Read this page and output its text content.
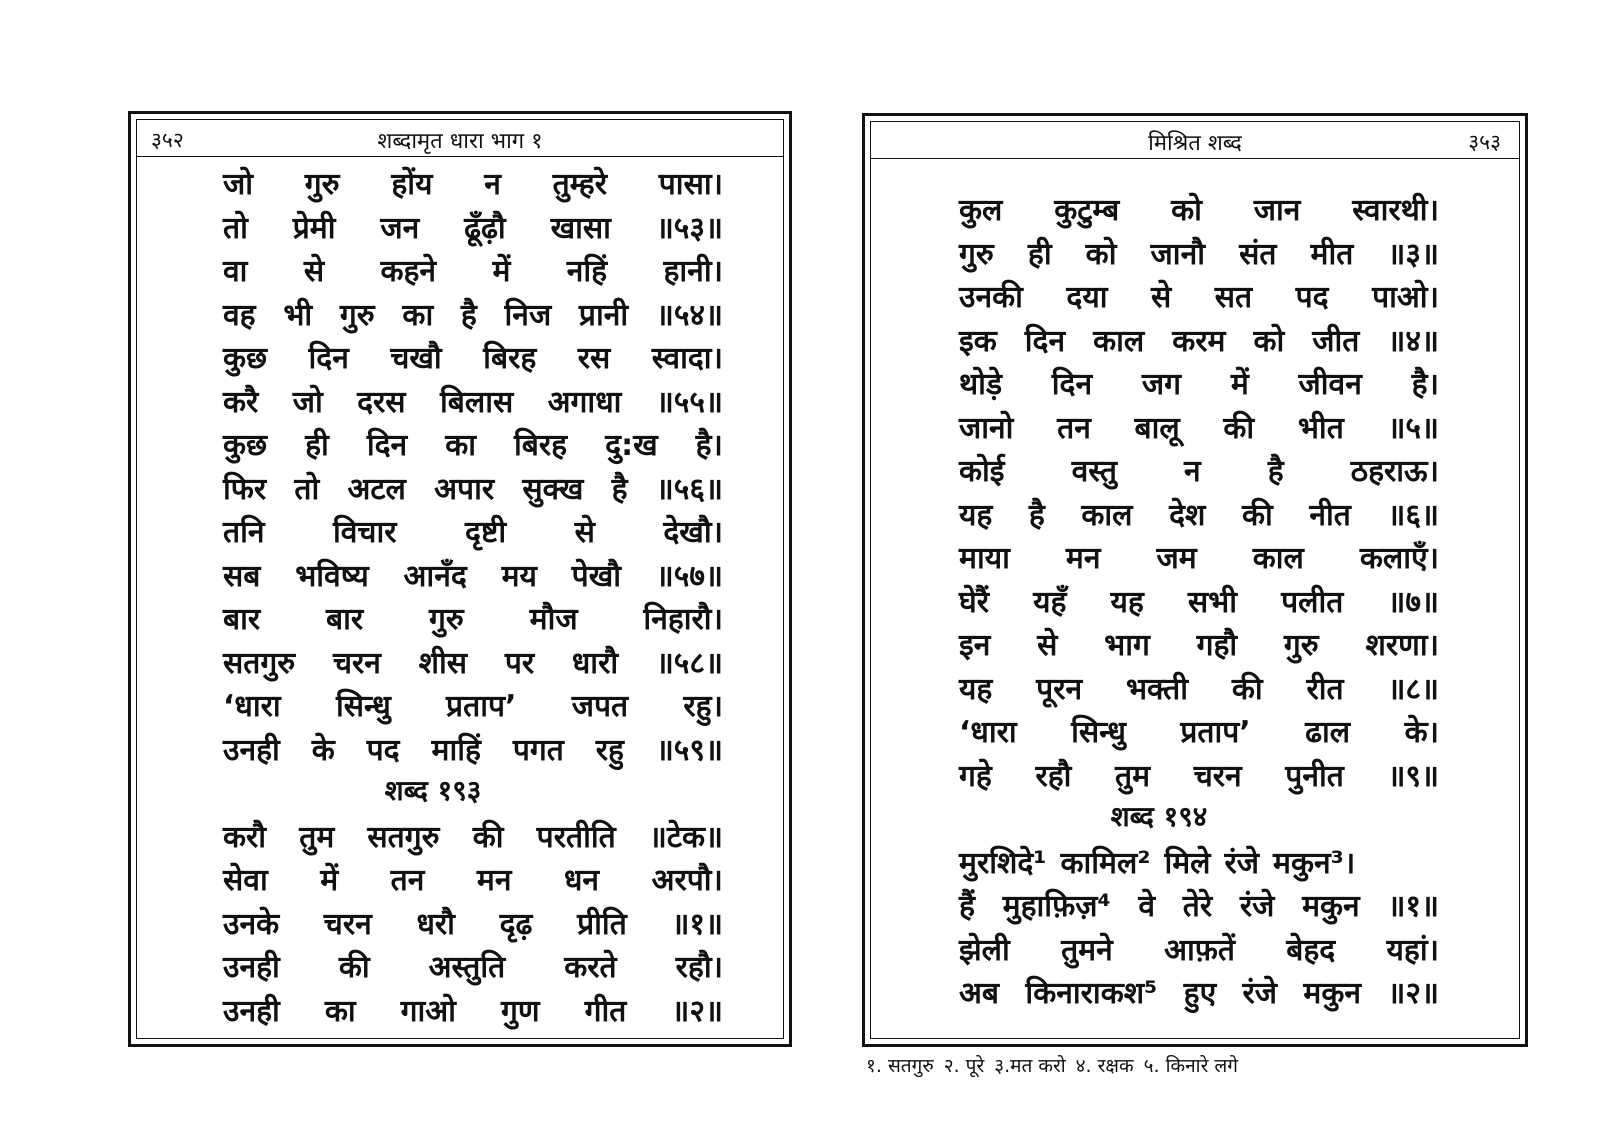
३५२	शब्दामृत धारा भाग १
जो गुरु होंय न तुम्हरे पासा।
तो प्रेमी जन ढूँढ़ौ खासा ॥५३॥
वा से कहने में नहिं हानी।
वह भी गुरु का है निज प्रानी ॥५४॥
कुछ दिन चखौ बिरह रस स्वादा।
करै जो दरस बिलास अगाधा ॥५५॥
कुछ ही दिन का बिरह दु:ख है।
फिर तो अटल अपार सुक्ख है ॥५६॥
तनि विचार दृष्टी से देखौ।
सब भविष्य आनँद मय पेखौ ॥५७॥
बार बार गुरु मौज निहारौ।
सतगुरु चरन शीस पर धारौ ॥५८॥
‘धारा सिन्धु प्रताप’ जपत रहु।
उनही के पद माहिं पगत रहु ॥५९॥
शब्द १९३
करौ तुम सतगुरु की परतीति ॥टेक॥
सेवा में तन मन धन अरपौ।
उनके चरन धरौ दृढ़ प्रीति ॥१॥
उनही की अस्तुति करते रहौ।
उनही का गाओ गुण गीत ॥२॥
मिश्रित शब्द	३५३
कुल कुटुम्ब को जान स्वारथी।
गुरु ही को जानौ संत मीत ॥३॥
उनकी दया से सत पद पाओ।
इक दिन काल करम को जीत ॥४॥
थोड़े दिन जग में जीवन है।
जानो तन बालू की भीत ॥५॥
कोई वस्तु न है ठहराऊ।
यह है काल देश की नीत ॥६॥
माया मन जम काल कलाएँ।
घेरैं यहँ यह सभी पलीत ॥७॥
इन से भाग गहौ गुरु शरणा।
यह पूरन भक्ती की रीत ॥८॥
‘धारा सिन्धु प्रताप’ ढाल के।
गहे रहौ तुम चरन पुनीत ॥९॥
शब्द १९४
मुरशिदे¹ कामिल² मिले रंजे मकुन³।
हैं मुहाफ़िज़⁴ वे तेरे रंजे मकुन ॥१॥
झेली तुमने आफ़तें बेहद यहां।
अब किनाराकश⁵ हुए रंजे मकुन ॥२॥
१. सतगुरु २. पूरे ३.मत करो ४. रक्षक ५. किनारे लगे
